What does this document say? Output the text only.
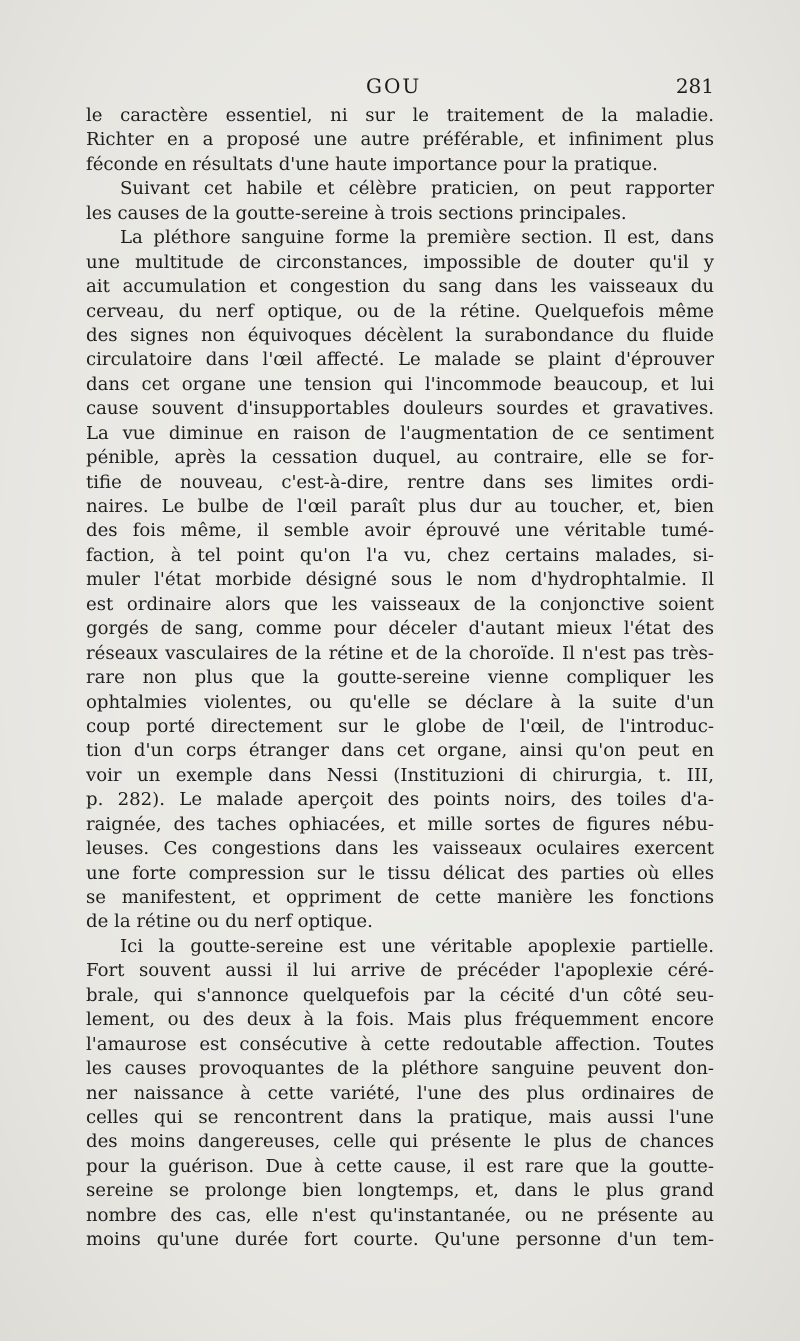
GOU	281
le caractère essentiel, ni sur le traitement de la maladie.
Richter en a proposé une autre préférable, et infiniment plus
féconde en résultats d'une haute importance pour la pratique.
Suivant cet habile et célèbre praticien, on peut rapporter
les causes de la goutte-sereine à trois sections principales.
La pléthore sanguine forme la première section. Il est, dans
une multitude de circonstances, impossible de douter qu'il y
ait accumulation et congestion du sang dans les vaisseaux du
cerveau, du nerf optique, ou de la rétine. Quelquefois même
des signes non équivoques décèlent la surabondance du fluide
circulatoire dans l'œil affecté. Le malade se plaint d'éprouver
dans cet organe une tension qui l'incommode beaucoup, et lui
cause souvent d'insupportables douleurs sourdes et gravatives.
La vue diminue en raison de l'augmentation de ce sentiment
pénible, après la cessation duquel, au contraire, elle se for-
tifie de nouveau, c'est-à-dire, rentre dans ses limites ordi-
naires. Le bulbe de l'œil paraît plus dur au toucher, et, bien
des fois même, il semble avoir éprouvé une véritable tumé-
faction, à tel point qu'on l'a vu, chez certains malades, si-
muler l'état morbide désigné sous le nom d'hydrophtalmie. Il
est ordinaire alors que les vaisseaux de la conjonctive soient
gorgés de sang, comme pour déceler d'autant mieux l'état des
réseaux vasculaires de la rétine et de la choroïde. Il n'est pas très-
rare non plus que la goutte-sereine vienne compliquer les
ophtalmies violentes, ou qu'elle se déclare à la suite d'un
coup porté directement sur le globe de l'œil, de l'introduc-
tion d'un corps étranger dans cet organe, ainsi qu'on peut en
voir un exemple dans Nessi (Instituzioni di chirurgia, t. III,
p. 282). Le malade aperçoit des points noirs, des toiles d'a-
raignée, des taches ophiacées, et mille sortes de figures nébu-
leuses. Ces congestions dans les vaisseaux oculaires exercent
une forte compression sur le tissu délicat des parties où elles
se manifestent, et oppriment de cette manière les fonctions
de la rétine ou du nerf optique.
Ici la goutte-sereine est une véritable apoplexie partielle.
Fort souvent aussi il lui arrive de précéder l'apoplexie céré-
brale, qui s'annonce quelquefois par la cécité d'un côté seu-
lement, ou des deux à la fois. Mais plus fréquemment encore
l'amaurose est consécutive à cette redoutable affection. Toutes
les causes provoquantes de la pléthore sanguine peuvent don-
ner naissance à cette variété, l'une des plus ordinaires de
celles qui se rencontrent dans la pratique, mais aussi l'une
des moins dangereuses, celle qui présente le plus de chances
pour la guérison. Due à cette cause, il est rare que la goutte-
sereine se prolonge bien longtemps, et, dans le plus grand
nombre des cas, elle n'est qu'instantanée, ou ne présente au
moins qu'une durée fort courte. Qu'une personne d'un tem-
